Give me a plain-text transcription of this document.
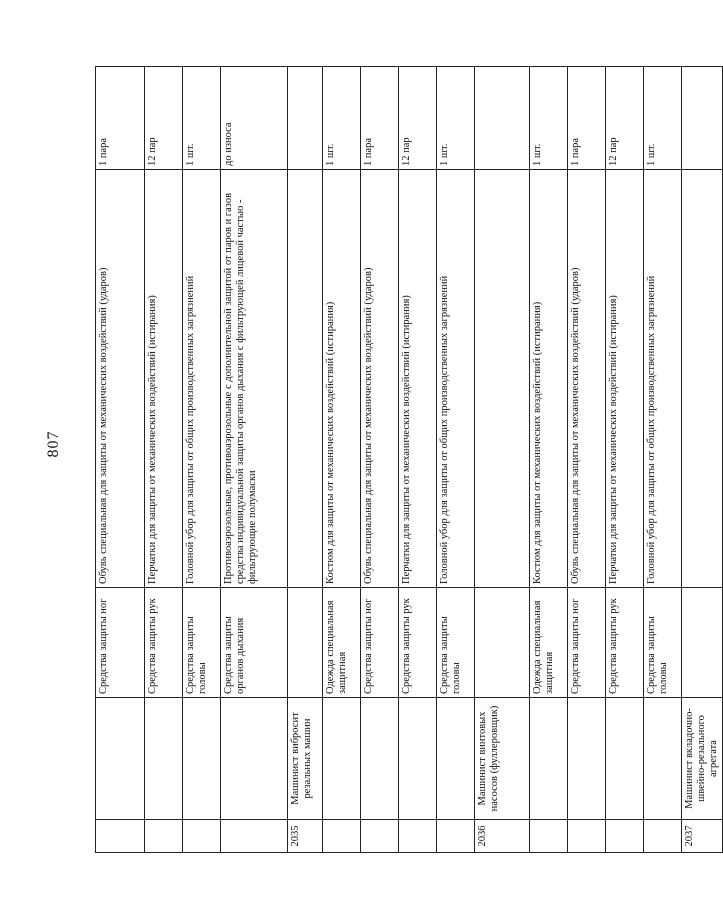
807
		Средства защиты ног	Обувь специальная для защиты от механических воздействий (ударов)	1 пара
		Средства защиты рук	Перчатки для защиты от механических воздействий (истирания)	12 пар
		Средства защиты головы	Головной убор для защиты от общих производственных загрязнений	1 шт.
		Средства защиты органов дыхания	Противоаэрозольные, противоаэрозольные с дополнительной защитой от паров и газов средства индивидуальной защиты органов дыхания с фильтрующей лицевой частью - фильтрующие полумаски	до износа
2035	Машинист вибросит резальных машин			
		Одежда специальная защитная	Костюм для защиты от механических воздействий (истирания)	1 шт.
		Средства защиты ног	Обувь специальная для защиты от механических воздействий (ударов)	1 пара
		Средства защиты рук	Перчатки для защиты от механических воздействий (истирания)	12 пар
		Средства защиты головы	Головной убор для защиты от общих производственных загрязнений	1 шт.
2036	Машинист винтовых насосов (фуллеровщик)			
		Одежда специальная защитная	Костюм для защиты от механических воздействий (истирания)	1 шт.
		Средства защиты ног	Обувь специальная для защиты от механических воздействий (ударов)	1 пара
		Средства защиты рук	Перчатки для защиты от механических воздействий (истирания)	12 пар
		Средства защиты головы	Головной убор для защиты от общих производственных загрязнений	1 шт.
2037	Машинист вкладочно-швейно-резального агрегата			
